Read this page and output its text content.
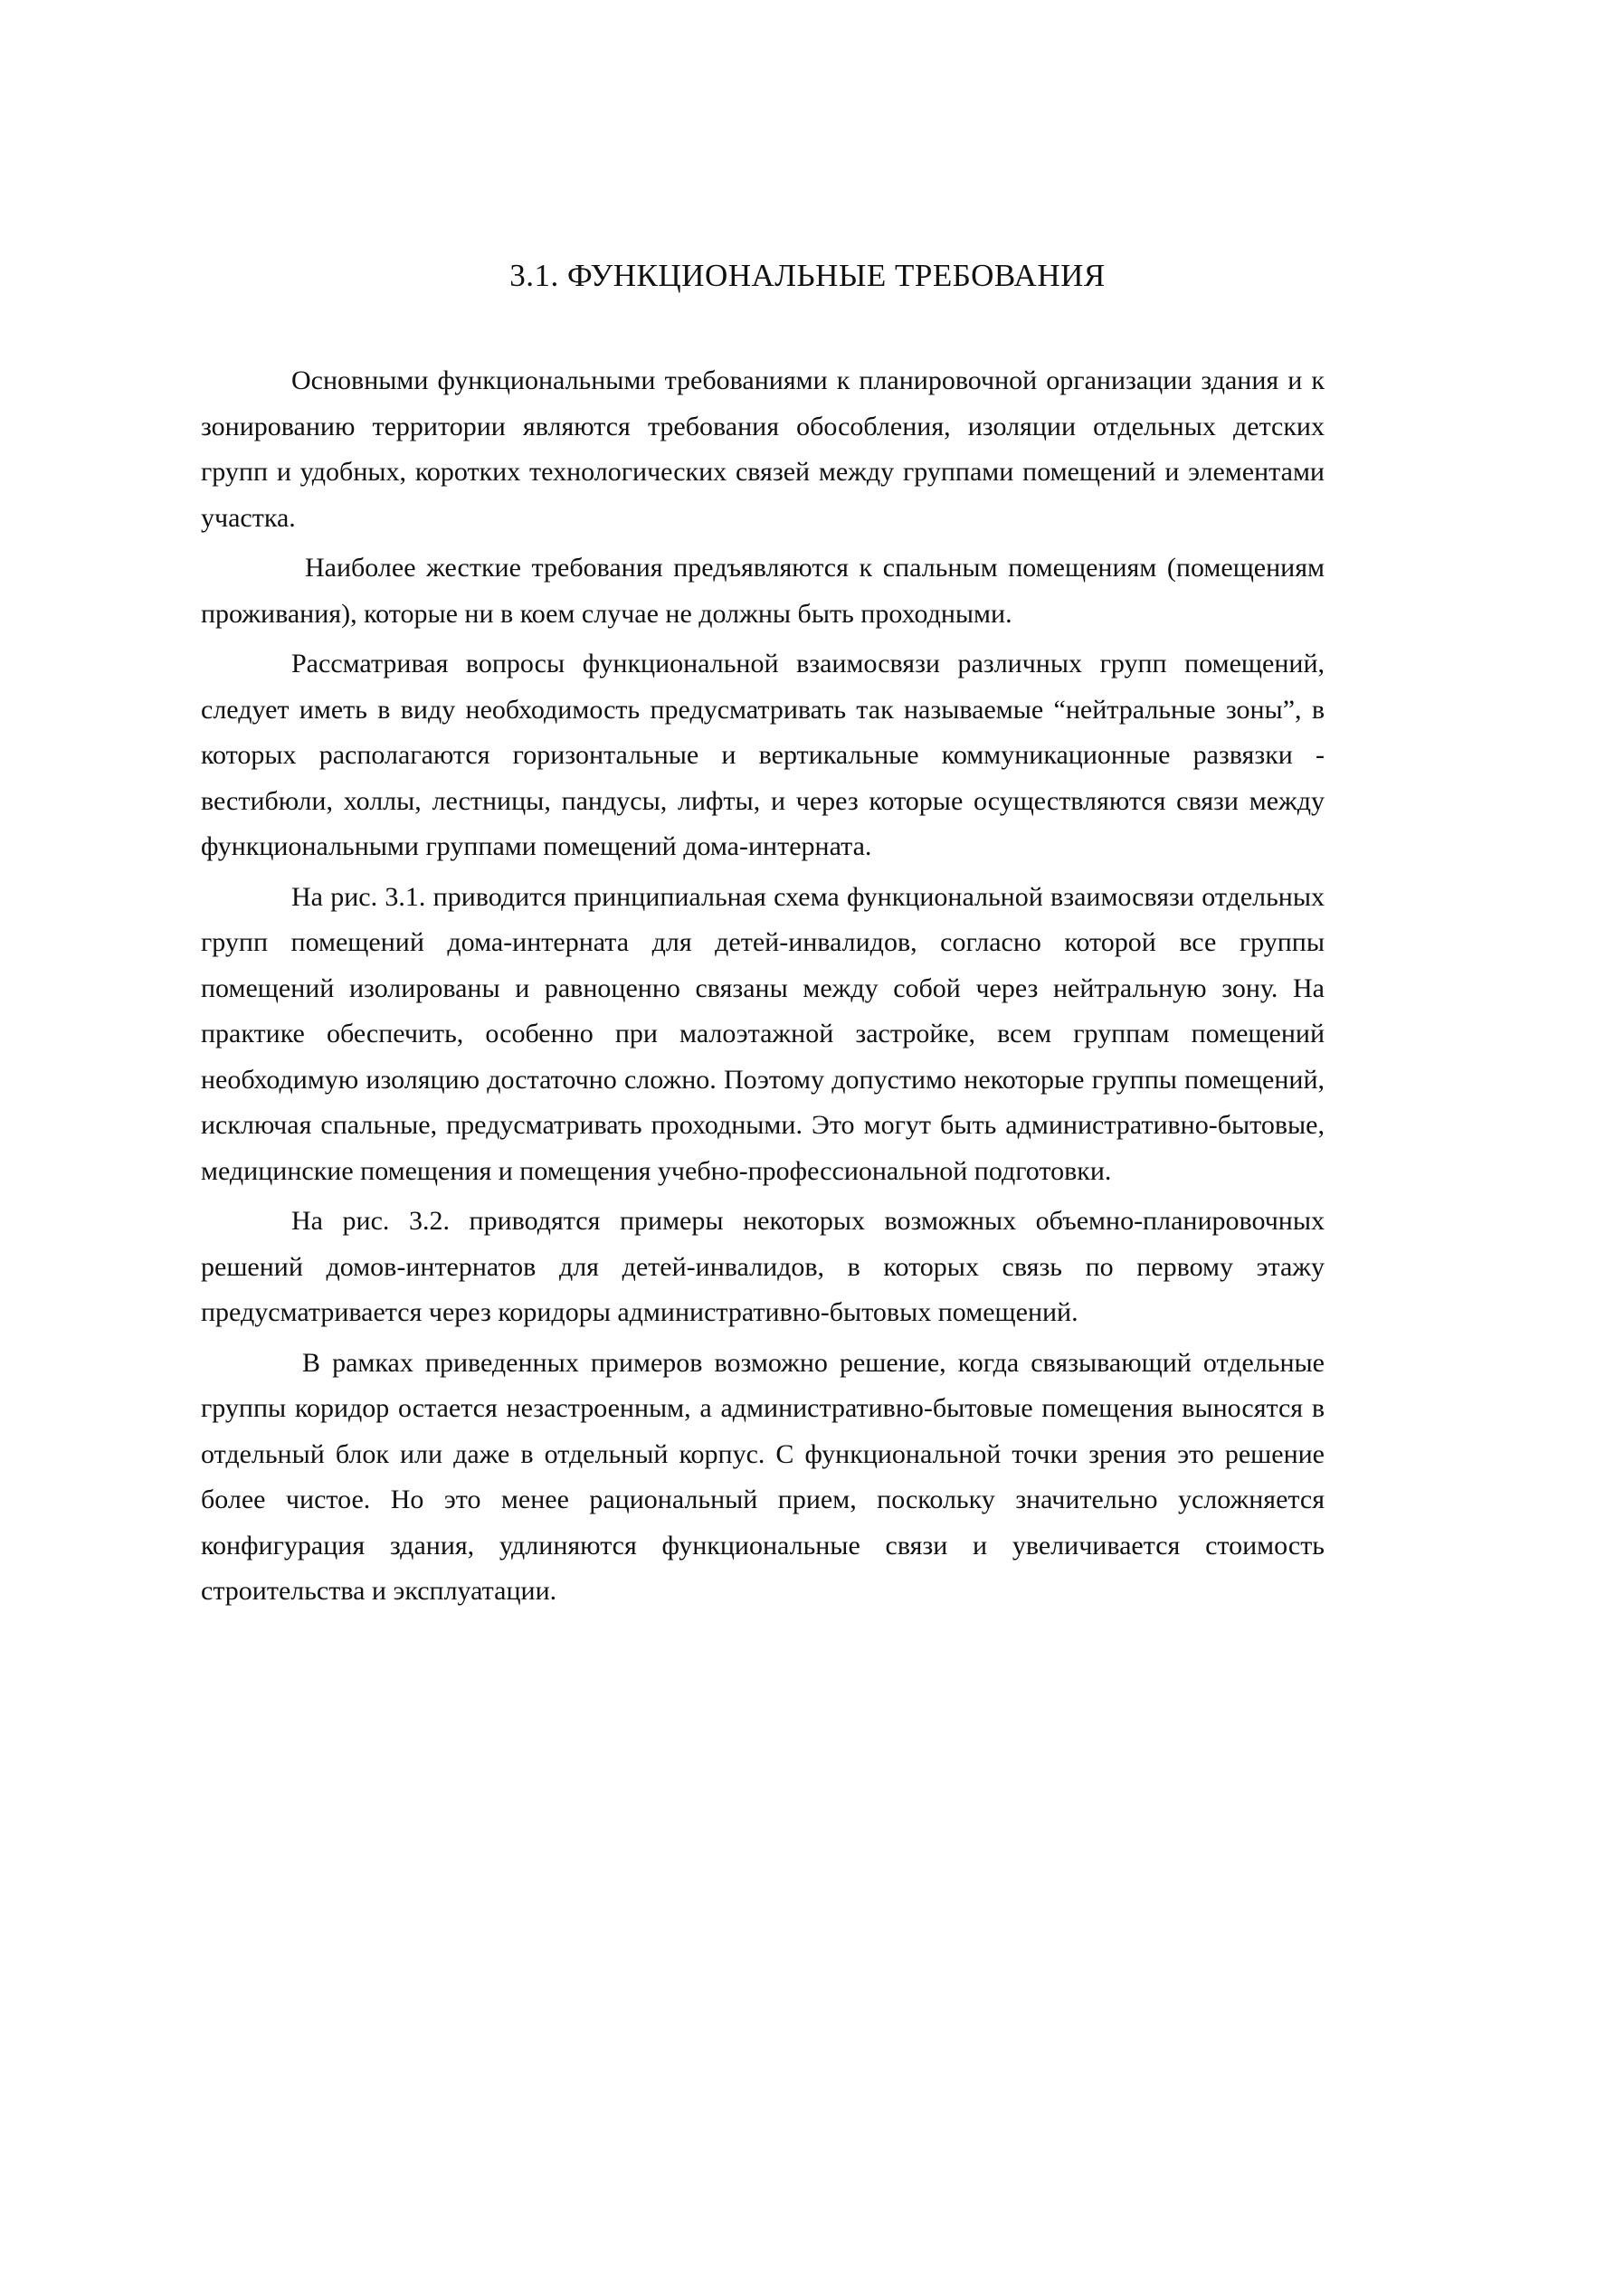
3.1. ФУНКЦИОНАЛЬНЫЕ ТРЕБОВАНИЯ

Основными функциональными требованиями к планировочной организации здания и к зонированию территории являются требования обособления, изоляции отдельных детских групп и удобных, коротких технологических связей между группами помещений и элементами участка.

Наиболее жесткие требования предъявляются к спальным помещениям (помещениям проживания), которые ни в коем случае не должны быть проходными.

Рассматривая вопросы функциональной взаимосвязи различных групп помещений, следует иметь в виду необходимость предусматривать так называемые “нейтральные зоны”, в которых располагаются горизонтальные и вертикальные коммуникационные развязки - вестибюли, холлы, лестницы, пандусы, лифты, и через которые осуществляются связи между функциональными группами помещений дома-интерната.

На рис. 3.1. приводится принципиальная схема функциональной взаимосвязи отдельных групп помещений дома-интерната для детей-инвалидов, согласно которой все группы помещений изолированы и равноценно связаны между собой через нейтральную зону. На практике обеспечить, особенно при малоэтажной застройке, всем группам помещений необходимую изоляцию достаточно сложно. Поэтому допустимо некоторые группы помещений, исключая спальные, предусматривать проходными. Это могут быть административно-бытовые, медицинские помещения и помещения учебно-профессиональной подготовки.

На рис. 3.2. приводятся примеры некоторых возможных объемно-планировочных решений домов-интернатов для детей-инвалидов, в которых связь по первому этажу предусматривается через коридоры административно-бытовых помещений.

В рамках приведенных примеров возможно решение, когда связывающий отдельные группы коридор остается незастроенным, а административно-бытовые помещения выносятся в отдельный блок или даже в отдельный корпус. С функциональной точки зрения это решение более чистое. Но это менее рациональный прием, поскольку значительно усложняется конфигурация здания, удлиняются функциональные связи и увеличивается стоимость строительства и эксплуатации.
